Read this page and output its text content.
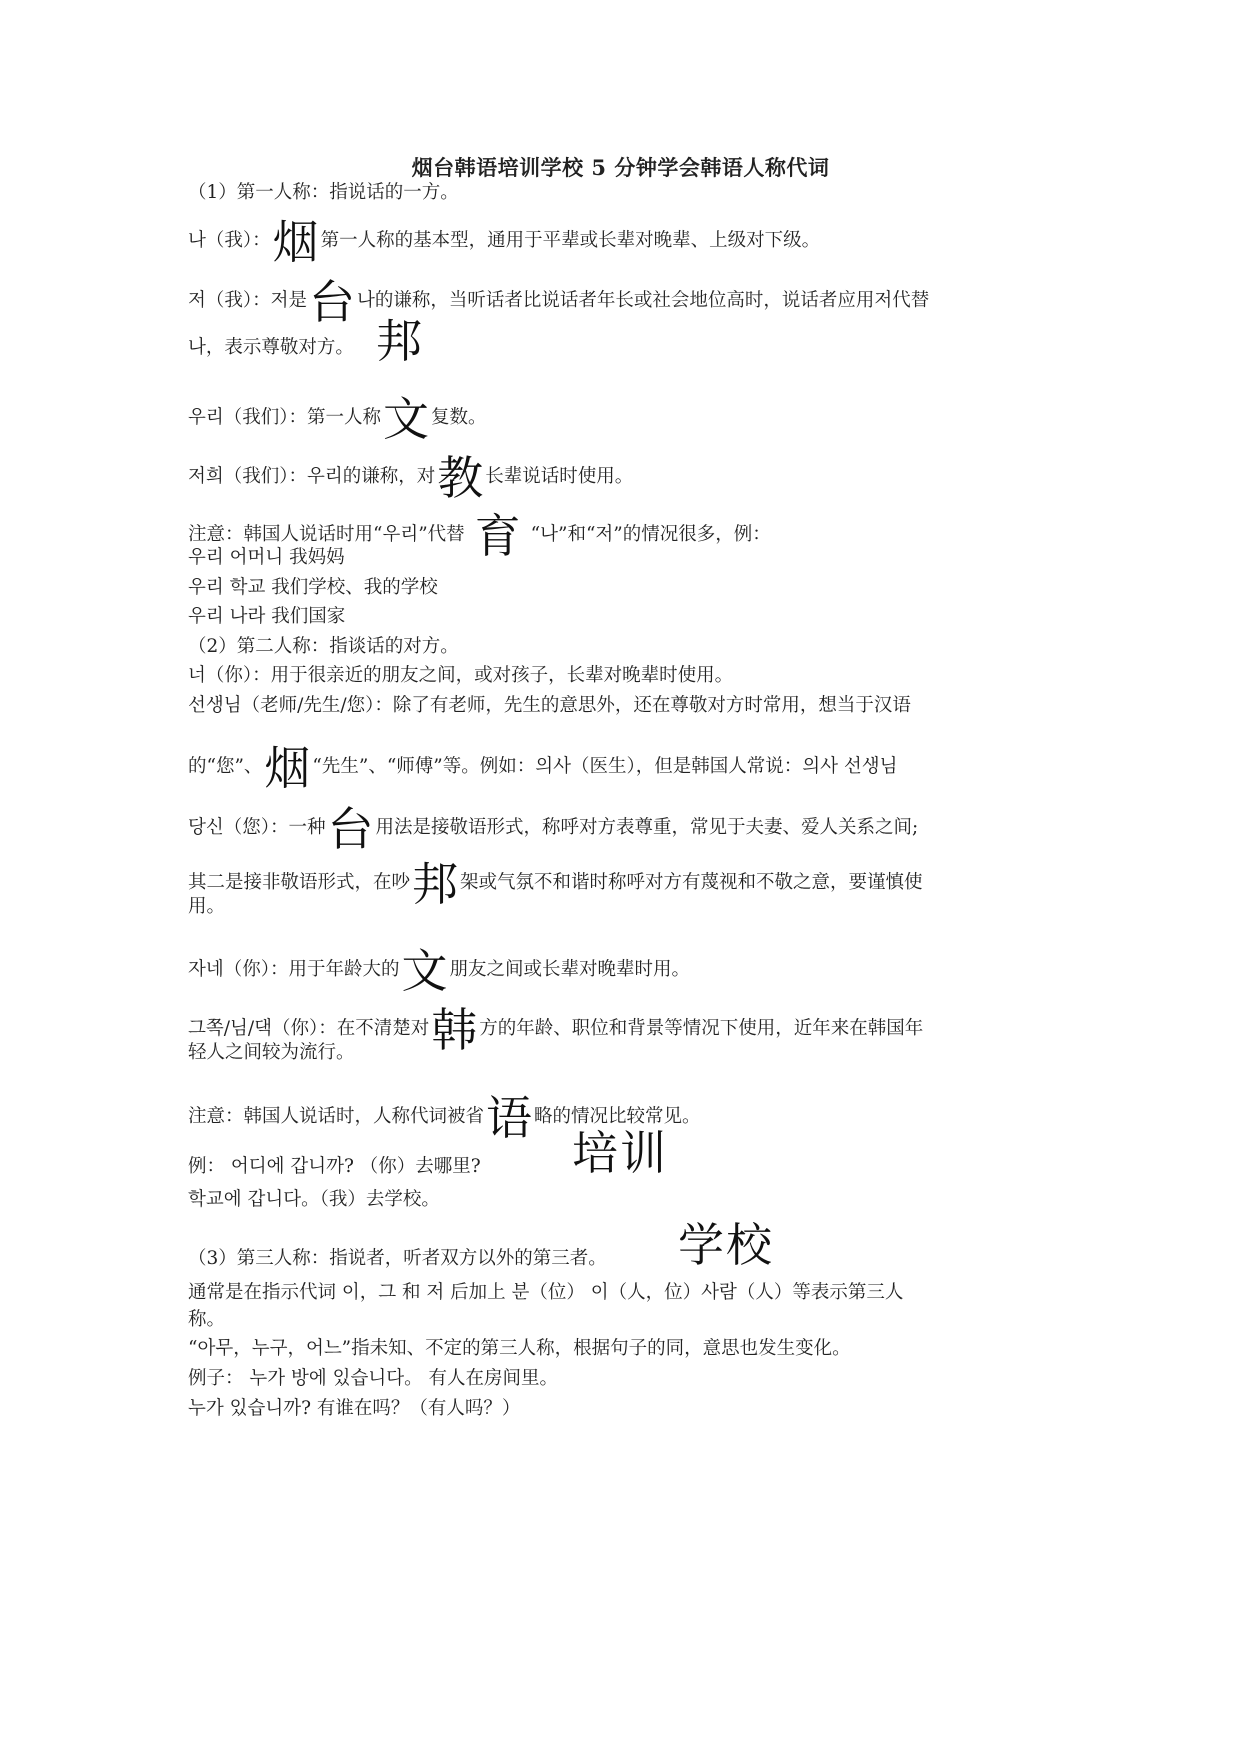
烟台韩语培训学校 5 分钟学会韩语人称代词
（1）第一人称：指说话的一方。
나（我）：烟 第一人称的基本型，通用于平辈或长辈对晚辈、上级对下级。
저（我）：저是台 나的谦称，当听话者比说话者年长或社会地位高时，说话者应用저代替
나，表示尊敬对方。 邦
우리（我们）：第一人称文 复数。
저희（我们）：우리的谦称，对教 长辈说话时使用。
注意：韩国人说话时用“우리”代替 育 “나”和“저”的情况很多，例：
우리 어머니 我妈妈
우리 학교 我们学校、我的学校
우리 나라 我们国家
（2）第二人称：指谈话的对方。
너（你）：用于很亲近的朋友之间，或对孩子，长辈对晚辈时使用。
선생님（老师/先生/您）：除了有老师，先生的意思外，还在尊敬对方时常用，想当于汉语
的“您”、烟 “先生”、“师傅”等。例如：의사（医生），但是韩国人常说：의사 선생님
당신（您）：一种台 用法是接敬语形式，称呼对方表尊重，常见于夫妻、爱人关系之间;
其二是接非敬语形式，在吵邦 架或气氛不和谐时称呼对方有蔑视和不敬之意，要谨慎使
用。
자네（你）：用于年龄大的文 朋友之间或长辈对晚辈时用。
그쪽/님/댁（你）：在不清楚对韩 方的年龄、职位和背景等情况下使用，近年来在韩国年
轻人之间较为流行。
注意：韩国人说话时，人称代词被省语 略的情况比较常见。
例： 어디에 갑니까? （你）去哪里? 培训
학교에 갑니다。（我）去学校。
（3）第三人称：指说者，听者双方以外的第三者。 学校
通常是在指示代词 이，그 和 저 后加上 분（位） 이（人，位）사람（人）等表示第三人
称。
“아무，누구，어느”指未知、不定的第三人称，根据句子的同，意思也发生变化。
例子： 누가 방에 있습니다。 有人在房间里。
누가 있습니까? 有谁在吗？（有人吗？）
